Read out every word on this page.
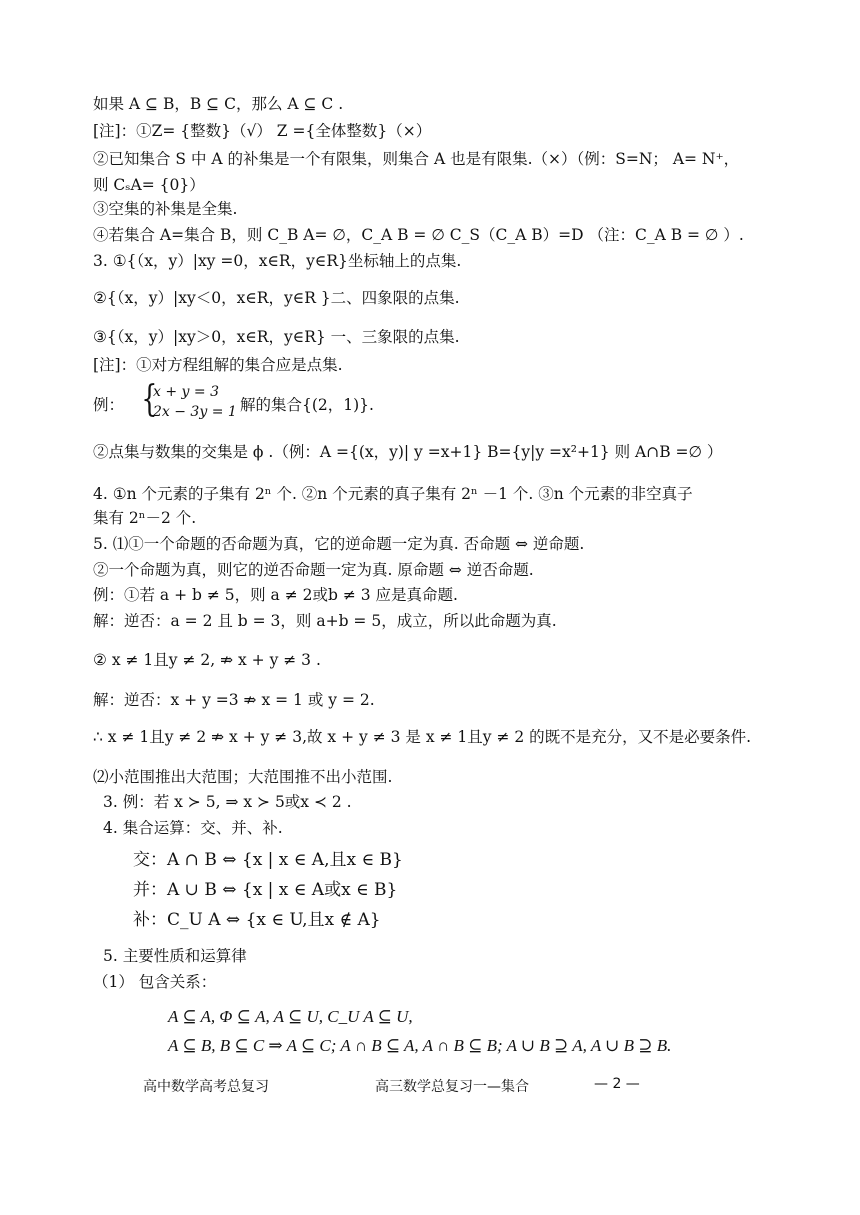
如果 A ⊆ B，B ⊆ C，那么 A ⊆ C .
[注]：①Z= {整数}（√） Z ={全体整数}（×）
②已知集合 S 中 A 的补集是一个有限集，则集合 A 也是有限集.（×）（例：S=N； A= N⁺，
则 CₛA= {0}）
③空集的补集是全集.
④若集合 A=集合 B，则 C_B A= ∅，C_A B = ∅ C_S（C_A B）=D （注：C_A B = ∅ ）.
3. ①{（x，y）|xy =0，x∈R，y∈R}坐标轴上的点集.
②{（x，y）|xy＜0，x∈R，y∈R }二、四象限的点集.
③{（x，y）|xy＞0，x∈R，y∈R} 一、三象限的点集.
[注]：①对方程组解的集合应是点集.
例： {
x + y = 3
2x − 3y = 1 解的集合{(2，1)}.
②点集与数集的交集是 ϕ .（例：A ={(x，y)| y =x+1} B={y|y =x²+1} 则 A∩B =∅ ）
4. ①n 个元素的子集有 2ⁿ 个. ②n 个元素的真子集有 2ⁿ －1 个. ③n 个元素的非空真子
集有 2ⁿ－2 个.
5. ⑴①一个命题的否命题为真，它的逆命题一定为真. 否命题 ⇔ 逆命题.
②一个命题为真，则它的逆否命题一定为真. 原命题 ⇔ 逆否命题.
例：①若 a + b ≠ 5，则 a ≠ 2或b ≠ 3 应是真命题.
解：逆否：a = 2 且 b = 3，则 a+b = 5，成立，所以此命题为真.
② x ≠ 1且y ≠ 2, ⇏ x + y ≠ 3 .
解：逆否：x + y =3 ⇏ x = 1 或 y = 2.
∴ x ≠ 1且y ≠ 2 ⇏ x + y ≠ 3,故 x + y ≠ 3 是 x ≠ 1且y ≠ 2 的既不是充分，又不是必要条件.
⑵小范围推出大范围；大范围推不出小范围.
3. 例：若 x ≻ 5, ⇒ x ≻ 5或x ≺ 2 .
4. 集合运算：交、并、补.
交：A ∩ B ⇔ {x | x ∈ A,且x ∈ B}
并：A ∪ B ⇔ {x | x ∈ A或x ∈ B}
补：C_U A ⇔ {x ∈ U,且x ∉ A}
5. 主要性质和运算律
（1） 包含关系：
A ⊆ A, Φ ⊆ A, A ⊆ U, C_U A ⊆ U,
A ⊆ B, B ⊆ C ⇒ A ⊆ C; A ∩ B ⊆ A, A ∩ B ⊆ B; A ∪ B ⊇ A, A ∪ B ⊇ B.
高中数学高考总复习	高三数学总复习一—集合	— 2 —
